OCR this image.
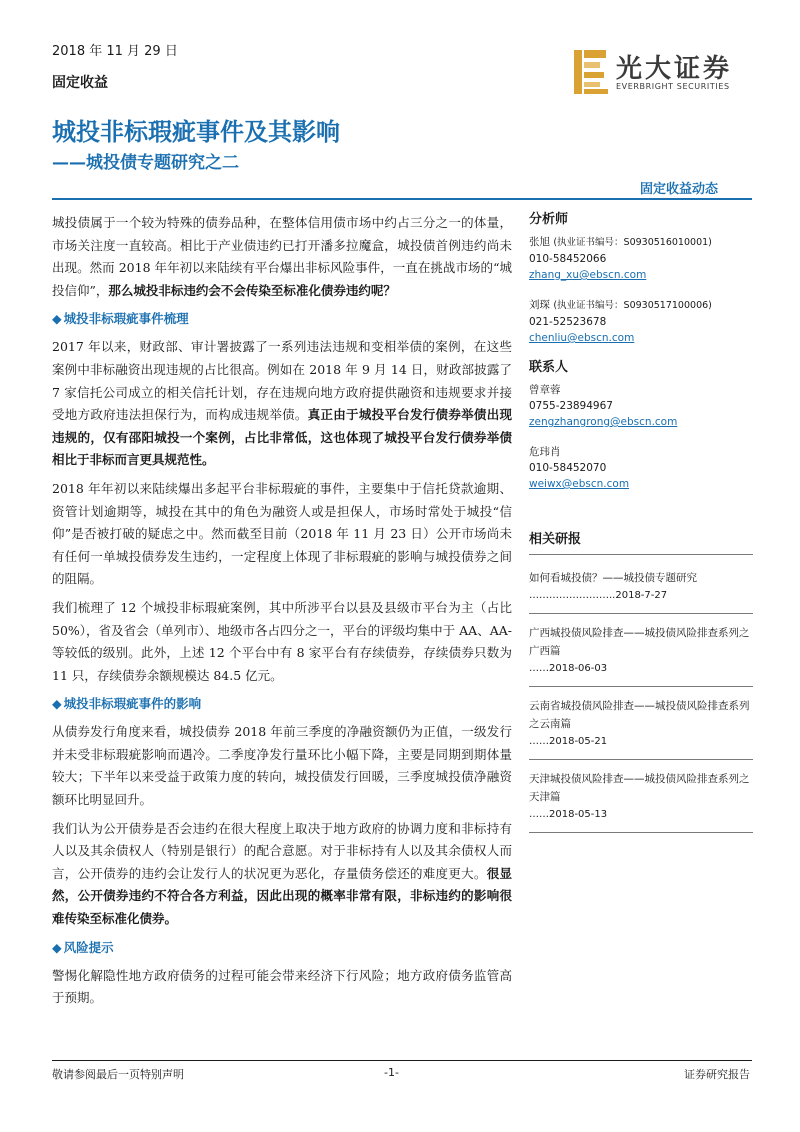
2018 年 11 月 29 日
固定收益
城投非标瑕疵事件及其影响
——城投债专题研究之二
光大证券
EVERBRIGHT SECURITIES
固定收益动态

城投债属于一个较为特殊的债券品种，在整体信用债市场中约占三分之一的体量，市场关注度一直较高。相比于产业债违约已打开潘多拉魔盒，城投债首例违约尚未出现。然而 2018 年年初以来陆续有平台爆出非标风险事件，一直在挑战市场的“城投信仰”，那么城投非标违约会不会传染至标准化债券违约呢？

◆ 城投非标瑕疵事件梳理

2017 年以来，财政部、审计署披露了一系列违法违规和变相举债的案例，在这些案例中非标融资出现违规的占比很高。例如在 2018 年 9 月 14 日，财政部披露了 7 家信托公司成立的相关信托计划，存在违规向地方政府提供融资和违规要求并接受地方政府违法担保行为，而构成违规举债。真正由于城投平台发行债券举债出现违规的，仅有邵阳城投一个案例，占比非常低，这也体现了城投平台发行债券举债相比于非标而言更具规范性。

2018 年年初以来陆续爆出多起平台非标瑕疵的事件，主要集中于信托贷款逾期、资管计划逾期等，城投在其中的角色为融资人或是担保人，市场时常处于城投“信仰”是否被打破的疑虑之中。然而截至目前（2018 年 11 月 23 日）公开市场尚未有任何一单城投债券发生违约，一定程度上体现了非标瑕疵的影响与城投债券之间的阻隔。

我们梳理了 12 个城投非标瑕疵案例，其中所涉平台以县及县级市平台为主（占比 50%），省及省会（单列市）、地级市各占四分之一，平台的评级均集中于 AA、AA-等较低的级别。此外，上述 12 个平台中有 8 家平台有存续债券，存续债券只数为 11 只，存续债券余额规模达 84.5 亿元。

◆ 城投非标瑕疵事件的影响

从债券发行角度来看，城投债券 2018 年前三季度的净融资额仍为正值，一级发行并未受非标瑕疵影响而遇冷。二季度净发行量环比小幅下降，主要是同期到期体量较大；下半年以来受益于政策力度的转向，城投债发行回暖，三季度城投债净融资额环比明显回升。

我们认为公开债券是否会违约在很大程度上取决于地方政府的协调力度和非标持有人以及其余债权人（特别是银行）的配合意愿。对于非标持有人以及其余债权人而言，公开债券的违约会让发行人的状况更为恶化，存量债务偿还的难度更大。很显然，公开债券违约不符合各方利益，因此出现的概率非常有限，非标违约的影响很难传染至标准化债券。

◆ 风险提示

警惕化解隐性地方政府债务的过程可能会带来经济下行风险；地方政府债务监管高于预期。

分析师
张旭 (执业证书编号：S0930516010001)
010-58452066
zhang_xu@ebscn.com
刘琛 (执业证书编号：S0930517100006)
021-52523678
chenliu@ebscn.com
联系人
曾章蓉
0755-23894967
zengzhangrong@ebscn.com
危玮肖
010-58452070
weiwx@ebscn.com
相关研报
如何看城投债？——城投债专题研究
……………………..2018-7-27
广西城投债风险排查——城投债风险排查系列之广西篇
……2018-06-03
云南省城投债风险排查——城投债风险排查系列之云南篇
……2018-05-21
天津城投债风险排查——城投债风险排查系列之天津篇
……2018-05-13
敬请参阅最后一页特别声明	-1-	证券研究报告
